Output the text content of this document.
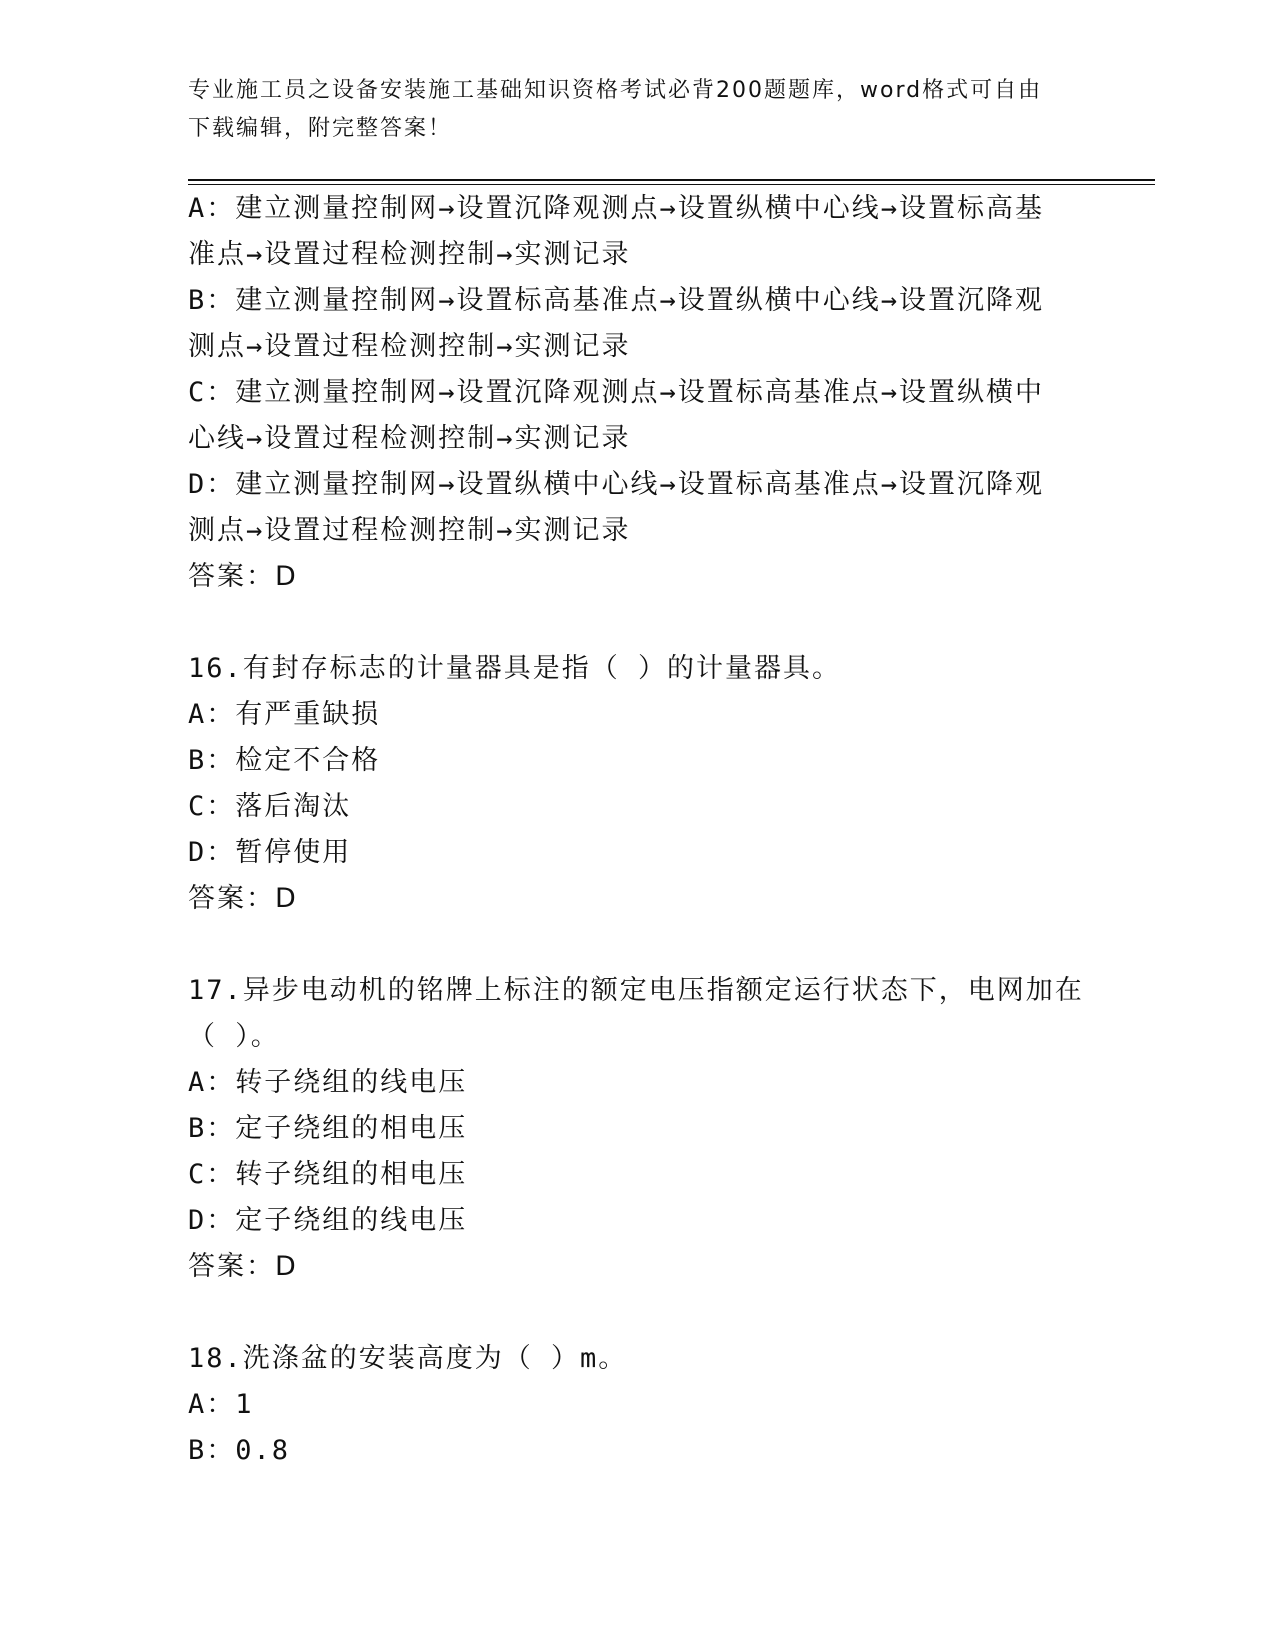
专业施工员之设备安装施工基础知识资格考试必背200题题库，word格式可自由
下载编辑，附完整答案！
A：建立测量控制网→设置沉降观测点→设置纵横中心线→设置标高基
准点→设置过程检测控制→实测记录
B：建立测量控制网→设置标高基准点→设置纵横中心线→设置沉降观
测点→设置过程检测控制→实测记录
C：建立测量控制网→设置沉降观测点→设置标高基准点→设置纵横中
心线→设置过程检测控制→实测记录
D：建立测量控制网→设置纵横中心线→设置标高基准点→设置沉降观
测点→设置过程检测控制→实测记录
答案：D
16.有封存标志的计量器具是指（ ）的计量器具。
A：有严重缺损
B：检定不合格
C：落后淘汰
D：暂停使用
答案：D
17.异步电动机的铭牌上标注的额定电压指额定运行状态下，电网加在
（ ）。
A：转子绕组的线电压
B：定子绕组的相电压
C：转子绕组的相电压
D：定子绕组的线电压
答案：D
18.洗涤盆的安装高度为（ ）m。
A：1
B：0.8
